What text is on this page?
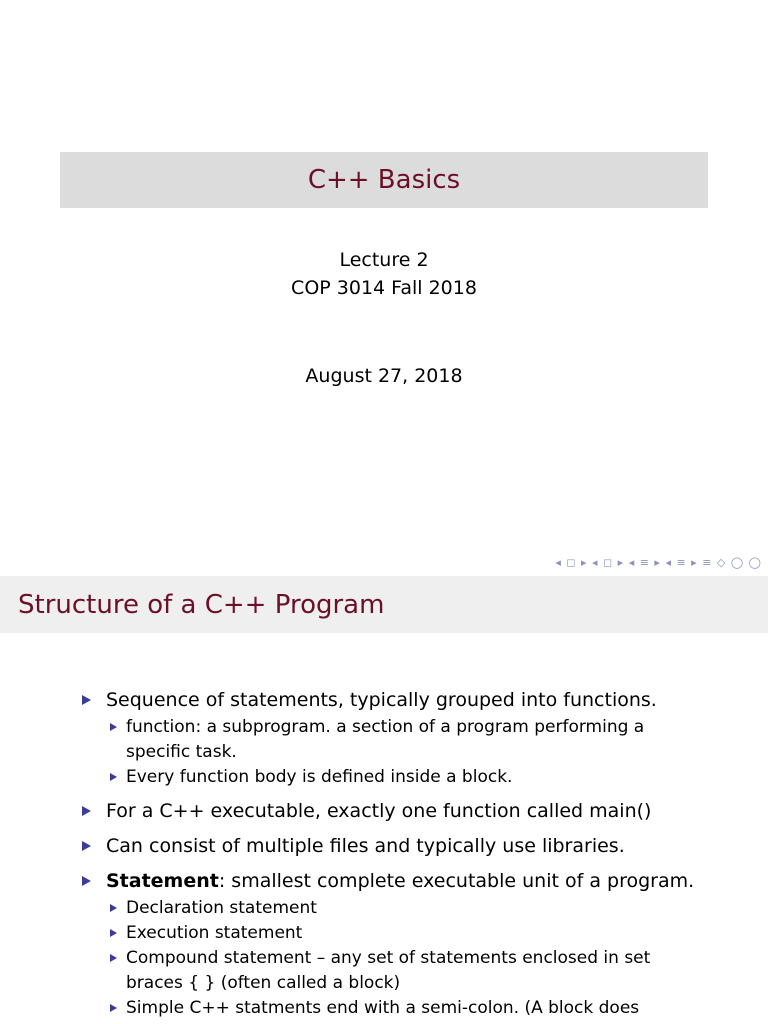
C++ Basics
Lecture 2
COP 3014 Fall 2018
August 27, 2018
◂ ◻ ▸ ◂ ◻ ▸ ◂ ≡ ▸ ◂ ≡ ▸ ≡ ◇ ◯ ◯
Structure of a C++ Program
Sequence of statements, typically grouped into functions.
function: a subprogram. a section of a program performing a specific task.
Every function body is defined inside a block.
For a C++ executable, exactly one function called main()
Can consist of multiple files and typically use libraries.
Statement: smallest complete executable unit of a program.
Declaration statement
Execution statement
Compound statement – any set of statements enclosed in set braces { } (often called a block)
Simple C++ statments end with a semi-colon. (A block does
